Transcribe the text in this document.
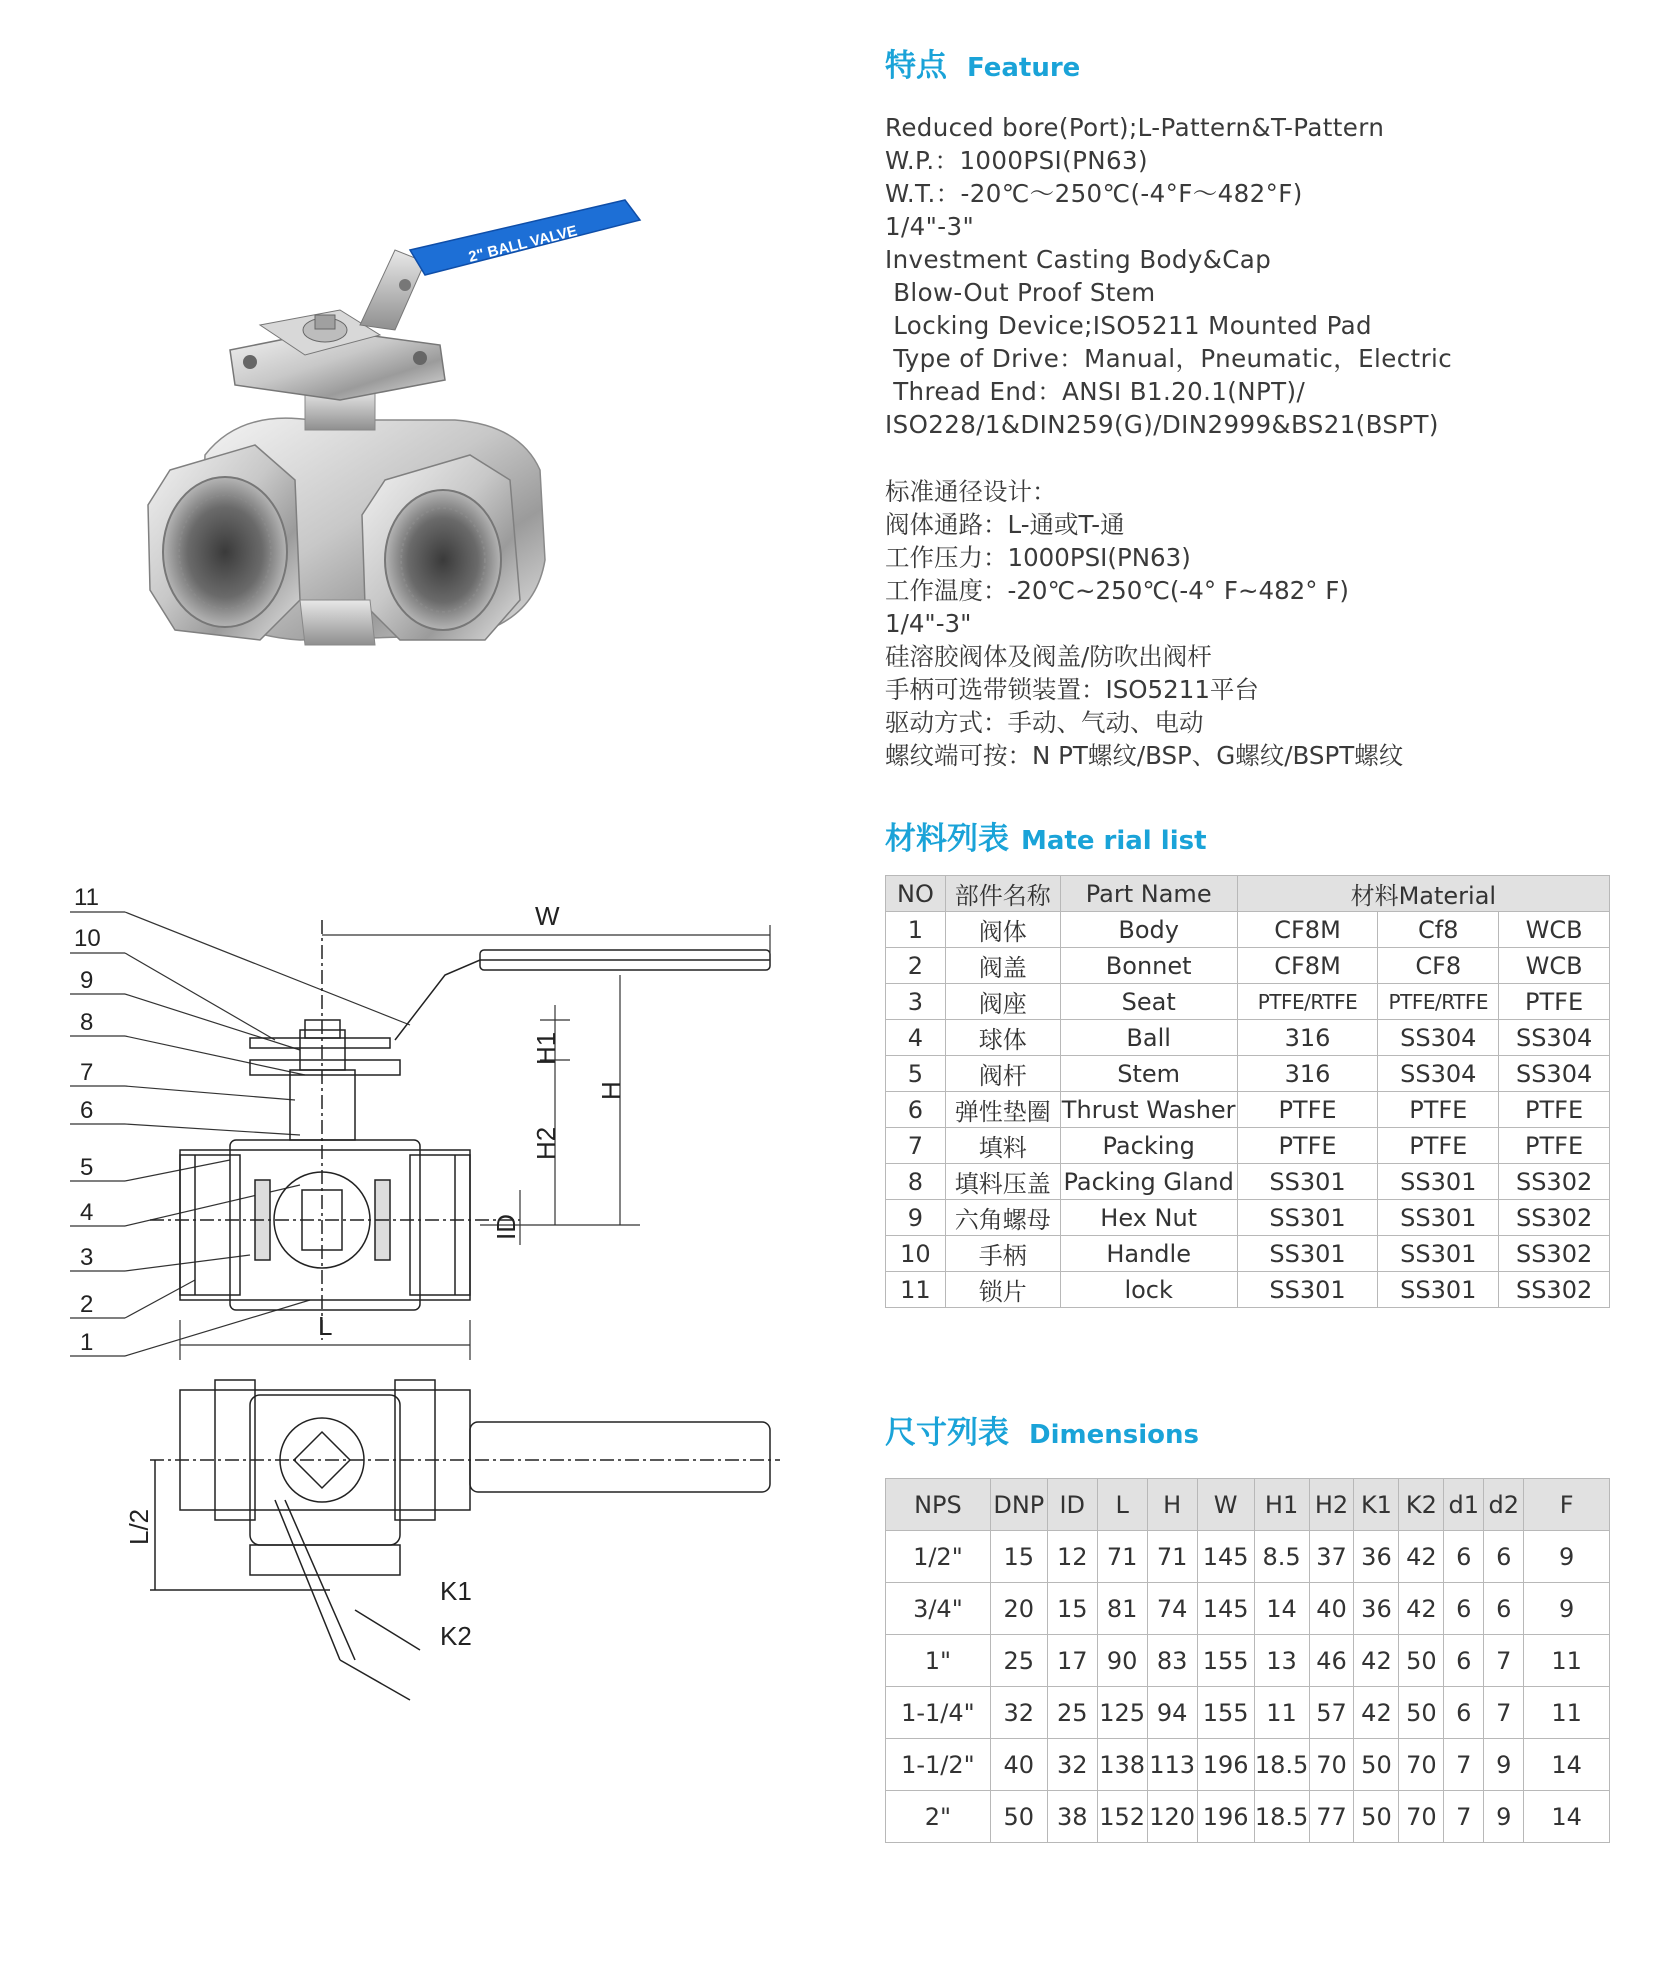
2" BALL VALVE
11
10
9
8
7
6
5
4
3
2
1
W
H1
H
H2
ID
L
L/2
K1
K2
特点 Feature
Reduced bore(Port);L-Pattern&T-Pattern
W.P.：1000PSI(PN63)
W.T.：-20℃～250℃(-4°F～482°F)
1/4"-3"
Investment Casting Body&Cap
Blow-Out Proof Stem
Locking Device;ISO5211 Mounted Pad
Type of Drive：Manual，Pneumatic，Electric
Thread End：ANSI B1.20.1(NPT)/
ISO228/1&DIN259(G)/DIN2999&BS21(BSPT)
标准通径设计：
阀体通路：L-通或T-通
工作压力：1000PSI(PN63)
工作温度：-20℃~250℃(-4° F~482° F)
1/4"-3"
硅溶胶阀体及阀盖/防吹出阀杆
手柄可选带锁装置：ISO5211平台
驱动方式：手动、气动、电动
螺纹端可按：N PT螺纹/BSP、G螺纹/BSPT螺纹
材料列表 Mate rial list
NO	部件名称	Part Name	材料Material		
1	阀体	Body	CF8M	Cf8	WCB
2	阀盖	Bonnet	CF8M	CF8	WCB
3	阀座	Seat	PTFE/RTFE	PTFE/RTFE	PTFE
4	球体	Ball	316	SS304	SS304
5	阀杆	Stem	316	SS304	SS304
6	弹性垫圈	Thrust Washer	PTFE	PTFE	PTFE
7	填料	Packing	PTFE	PTFE	PTFE
8	填料压盖	Packing Gland	SS301	SS301	SS302
9	六角螺母	Hex Nut	SS301	SS301	SS302
10	手柄	Handle	SS301	SS301	SS302
11	锁片	lock	SS301	SS301	SS302
尺寸列表 Dimensions
NPS	DNP	ID	L	H	W	H1	H2	K1	K2	d1	d2	F
1/2"	15	12	71	71	145	8.5	37	36	42	6	6	9
3/4"	20	15	81	74	145	14	40	36	42	6	6	9
1"	25	17	90	83	155	13	46	42	50	6	7	11
1-1/4"	32	25	125	94	155	11	57	42	50	6	7	11
1-1/2"	40	32	138	113	196	18.5	70	50	70	7	9	14
2"	50	38	152	120	196	18.5	77	50	70	7	9	14
